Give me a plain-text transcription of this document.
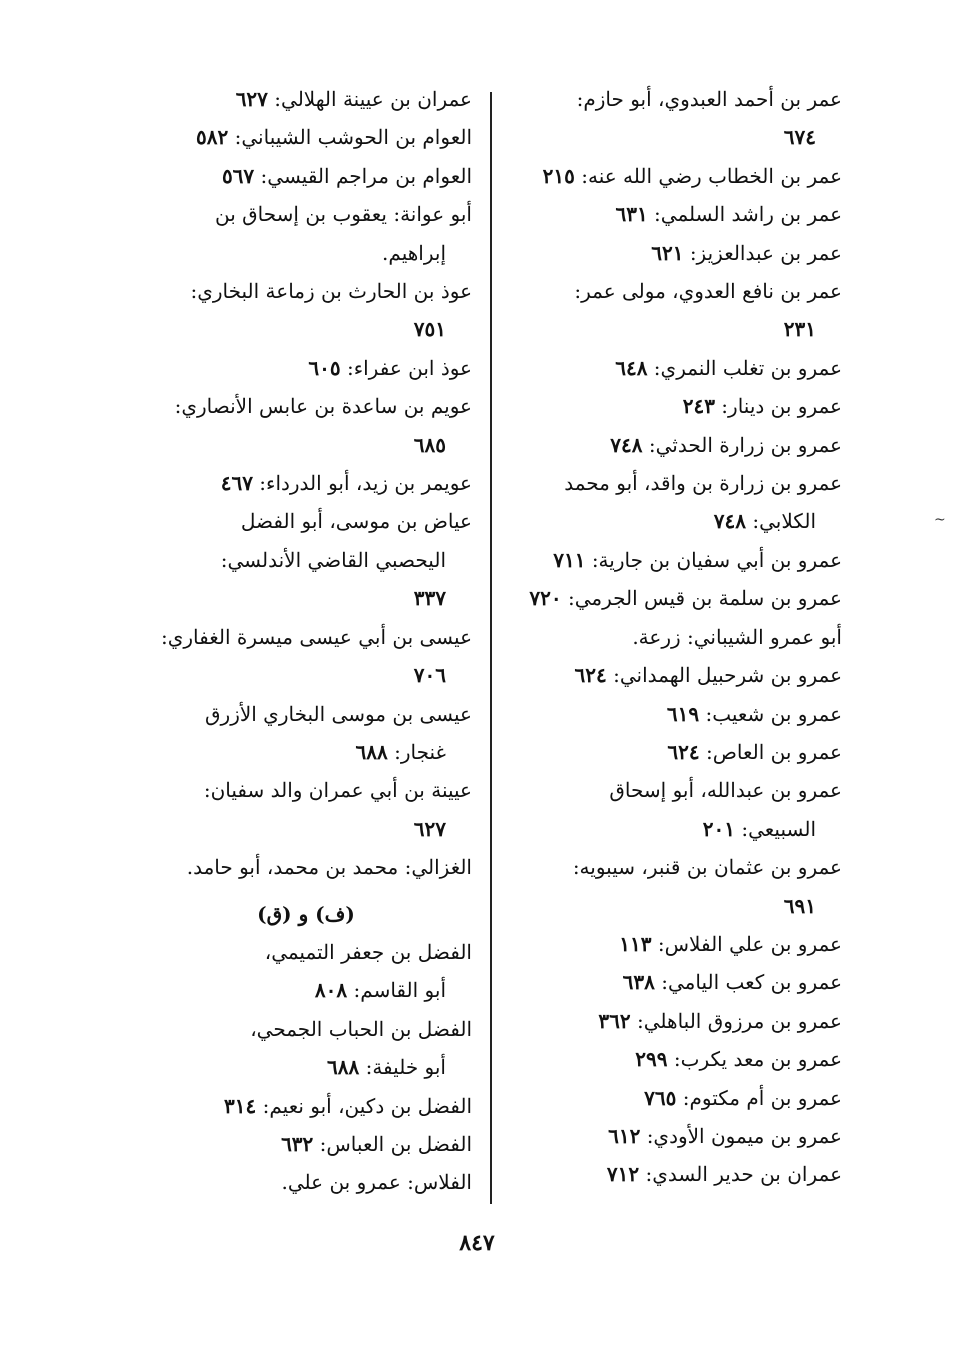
عمر بن أحمد العبدوي، أبو حازم:
٦٧٤
عمر بن الخطاب رضي الله عنه: ٢١٥
عمر بن راشد السلمي: ٦٣١
عمر بن عبدالعزيز: ٦٢١
عمر بن نافع العدوي، مولى عمر:
٢٣١
عمرو بن تغلب النمري: ٦٤٨
عمرو بن دينار: ٢٤٣
عمرو بن زرارة الحدثي: ٧٤٨
عمرو بن زرارة بن واقد، أبو محمد
الكلابي: ٧٤٨
عمرو بن أبي سفيان بن جارية: ٧١١
عمرو بن سلمة بن قيس الجرمي: ٧٢٠
أبو عمرو الشيباني: زرعة.
عمرو بن شرحبيل الهمداني: ٦٢٤
عمرو بن شعيب: ٦١٩
عمرو بن العاص: ٦٢٤
عمرو بن عبدالله، أبو إسحاق
السبيعي: ٢٠١
عمرو بن عثمان بن قنبر، سيبويه:
٦٩١
عمرو بن علي الفلاس: ١١٣
عمرو بن كعب اليامي: ٦٣٨
عمرو بن مرزوق الباهلي: ٣٦٢
عمرو بن معد يكرب: ٢٩٩
عمرو بن أم مكتوم: ٧٦٥
عمرو بن ميمون الأودي: ٦١٢
عمران بن حدير السدي: ٧١٢
عمران بن عيينة الهلالي: ٦٢٧
العوام بن الحوشب الشيباني: ٥٨٢
العوام بن مراجم القيسي: ٥٦٧
أبو عوانة: يعقوب بن إسحاق بن
إبراهيم.
عوذ بن الحارث بن زماعة البخاري:
٧٥١
عوذ ابن عفراء: ٦٠٥
عويم بن ساعدة بن عابس الأنصاري:
٦٨٥
عويمر بن زيد، أبو الدرداء: ٤٦٧
عياض بن موسى، أبو الفضل
اليحصبي القاضي الأندلسي:
٣٣٧
عيسى بن أبي عيسى ميسرة الغفاري:
٧٠٦
عيسى بن موسى البخاري الأزرق
غنجار: ٦٨٨
عيينة بن أبي عمران والد سفيان:
٦٢٧
الغزالي: محمد بن محمد، أبو حامد.
(ف) و (ق)
الفضل بن جعفر التميمي،
أبو القاسم: ٨٠٨
الفضل بن الحباب الجمحي،
أبو خليفة: ٦٨٨
الفضل بن دكين، أبو نعيم: ٣١٤
الفضل بن العباس: ٦٣٢
الفلاس: عمرو بن علي.
٨٤٧
~
